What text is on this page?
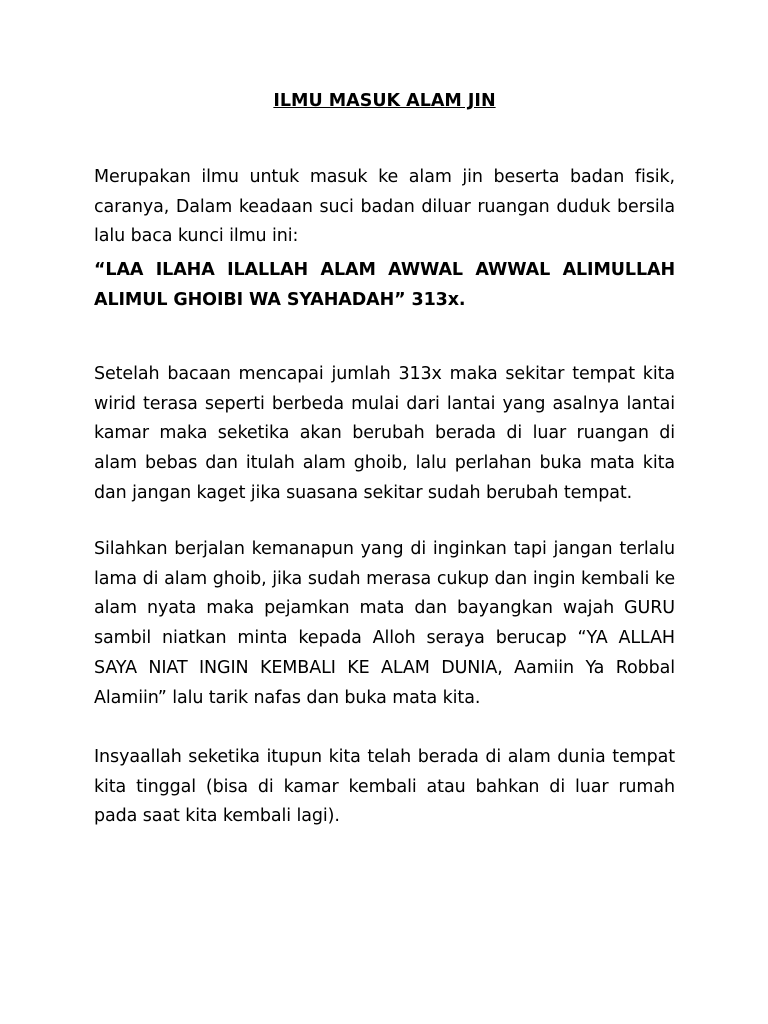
ILMU MASUK ALAM JIN

Merupakan ilmu untuk masuk ke alam jin beserta badan fisik, caranya, Dalam keadaan suci badan diluar ruangan duduk bersila lalu baca kunci ilmu ini:

“LAA ILAHA ILALLAH ALAM AWWAL AWWAL ALIMULLAH ALIMUL GHOIBI WA SYAHADAH” 313x.

Setelah bacaan mencapai jumlah 313x maka sekitar tempat kita wirid terasa seperti berbeda mulai dari lantai yang asalnya lantai kamar maka seketika akan berubah berada di luar ruangan di alam bebas dan itulah alam ghoib, lalu perlahan buka mata kita dan jangan kaget jika suasana sekitar sudah berubah tempat.

Silahkan berjalan kemanapun yang di inginkan tapi jangan terlalu lama di alam ghoib, jika sudah merasa cukup dan ingin kembali ke alam nyata maka pejamkan mata dan bayangkan wajah GURU sambil niatkan minta kepada Alloh seraya berucap “YA ALLAH SAYA NIAT INGIN KEMBALI KE ALAM DUNIA, Aamiin Ya Robbal Alamiin” lalu tarik nafas dan buka mata kita.

Insyaallah seketika itupun kita telah berada di alam dunia tempat kita tinggal (bisa di kamar kembali atau bahkan di luar rumah pada saat kita kembali lagi).
